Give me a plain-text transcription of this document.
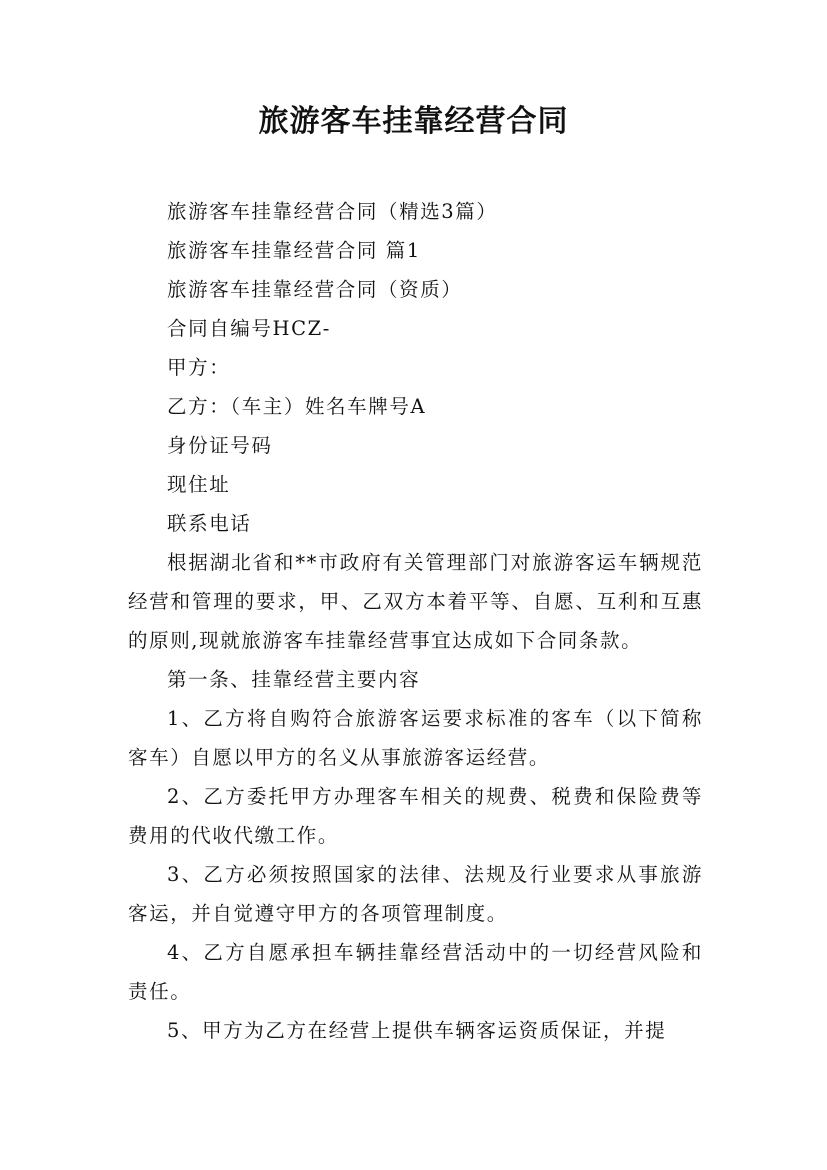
旅游客车挂靠经营合同

旅游客车挂靠经营合同（精选3篇）

旅游客车挂靠经营合同 篇1

旅游客车挂靠经营合同（资质）

合同自编号HCZ-

甲方：

乙方：（车主）姓名车牌号A

身份证号码

现住址

联系电话

根据湖北省和**市政府有关管理部门对旅游客运车辆规范经营和管理的要求，甲、乙双方本着平等、自愿、互利和互惠的原则,现就旅游客车挂靠经营事宜达成如下合同条款。

第一条、挂靠经营主要内容

1、乙方将自购符合旅游客运要求标准的客车（以下简称客车）自愿以甲方的名义从事旅游客运经营。

2、乙方委托甲方办理客车相关的规费、税费和保险费等费用的代收代缴工作。

3、乙方必须按照国家的法律、法规及行业要求从事旅游客运，并自觉遵守甲方的各项管理制度。

4、乙方自愿承担车辆挂靠经营活动中的一切经营风险和责任。

5、甲方为乙方在经营上提供车辆客运资质保证，并提
